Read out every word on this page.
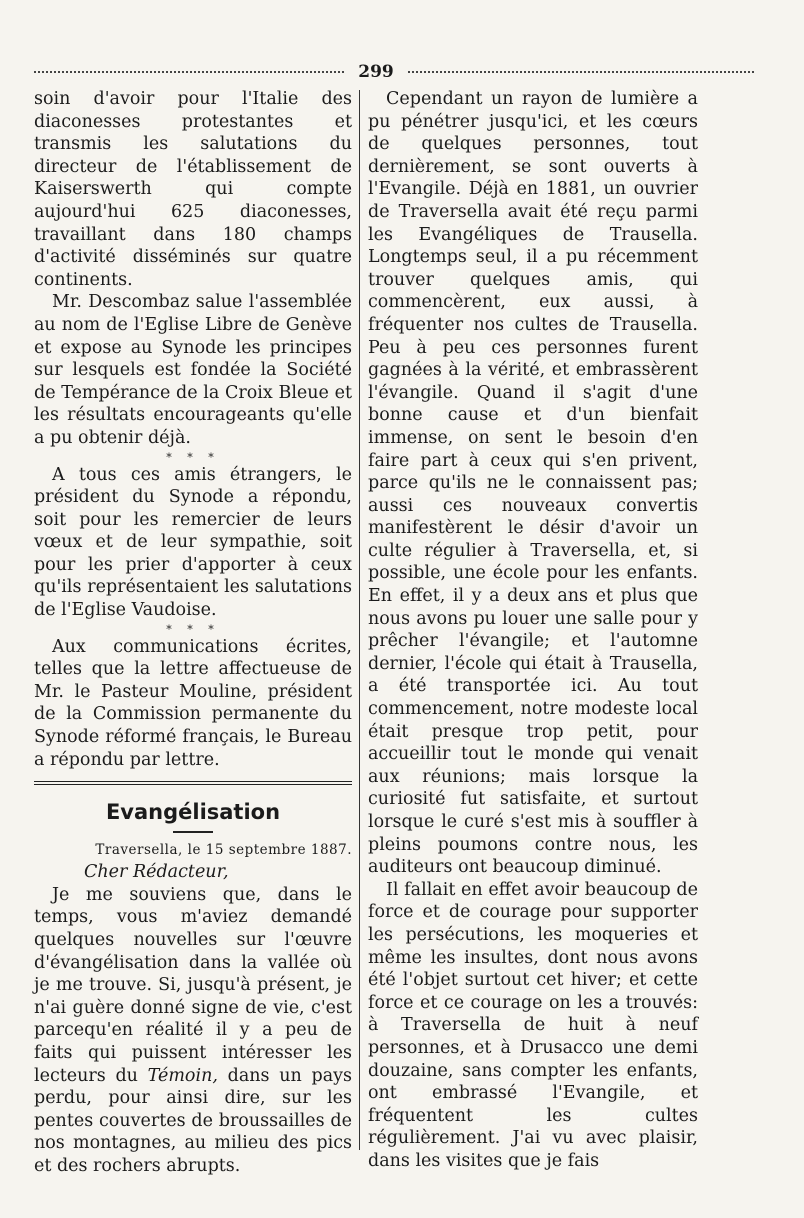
299

soin d'avoir pour l'Italie des diaconesses protestantes et transmis les salutations du directeur de l'établissement de Kaiserswerth qui compte aujourd'hui 625 diaconesses, travaillant dans 180 champs d'activité disséminés sur quatre continents.

Mr. Descombaz salue l'assemblée au nom de l'Eglise Libre de Genève et expose au Synode les principes sur lesquels est fondée la Société de Tempérance de la Croix Bleue et les résultats encourageants qu'elle a pu obtenir déjà.

* * *

A tous ces amis étrangers, le président du Synode a répondu, soit pour les remercier de leurs vœux et de leur sympathie, soit pour les prier d'apporter à ceux qu'ils représentaient les salutations de l'Eglise Vaudoise.

* * *

Aux communications écrites, telles que la lettre affectueuse de Mr. le Pasteur Mouline, président de la Commission permanente du Synode réformé français, le Bureau a répondu par lettre.

Evangélisation
Traversella, le 15 septembre 1887.
Cher Rédacteur,

Je me souviens que, dans le temps, vous m'aviez demandé quelques nouvelles sur l'œuvre d'évangélisation dans la vallée où je me trouve. Si, jusqu'à présent, je n'ai guère donné signe de vie, c'est parcequ'en réalité il y a peu de faits qui puissent intéresser les lecteurs du Témoin, dans un pays perdu, pour ainsi dire, sur les pentes couvertes de broussailles de nos montagnes, au milieu des pics et des rochers abrupts.

Cependant un rayon de lumière a pu pénétrer jusqu'ici, et les cœurs de quelques personnes, tout dernièrement, se sont ouverts à l'Evangile. Déjà en 1881, un ouvrier de Traversella avait été reçu parmi les Evangéliques de Trausella. Longtemps seul, il a pu récemment trouver quelques amis, qui commencèrent, eux aussi, à fréquenter nos cultes de Trausella. Peu à peu ces personnes furent gagnées à la vérité, et embrassèrent l'évangile. Quand il s'agit d'une bonne cause et d'un bienfait immense, on sent le besoin d'en faire part à ceux qui s'en privent, parce qu'ils ne le connaissent pas; aussi ces nouveaux convertis manifestèrent le désir d'avoir un culte régulier à Traversella, et, si possible, une école pour les enfants. En effet, il y a deux ans et plus que nous avons pu louer une salle pour y prêcher l'évangile; et l'automne dernier, l'école qui était à Trausella, a été transportée ici. Au tout commencement, notre modeste local était presque trop petit, pour accueillir tout le monde qui venait aux réunions; mais lorsque la curiosité fut satisfaite, et surtout lorsque le curé s'est mis à souffler à pleins poumons contre nous, les auditeurs ont beaucoup diminué.

Il fallait en effet avoir beaucoup de force et de courage pour supporter les persécutions, les moqueries et même les insultes, dont nous avons été l'objet surtout cet hiver; et cette force et ce courage on les a trouvés: à Traversella de huit à neuf personnes, et à Drusacco une demi douzaine, sans compter les enfants, ont embrassé l'Evangile, et fréquentent les cultes régulièrement. J'ai vu avec plaisir, dans les visites que je fais
